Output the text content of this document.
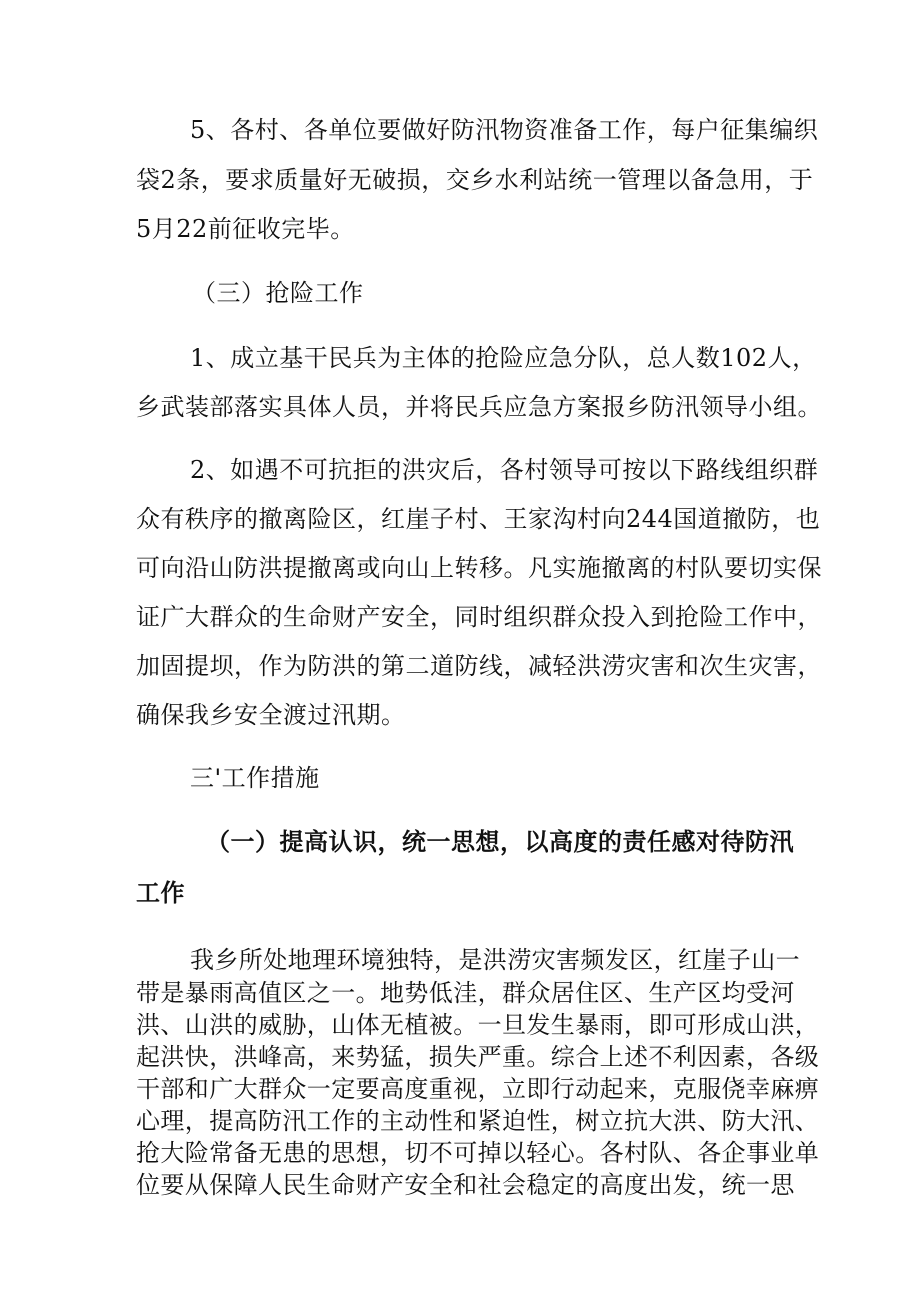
5、各村、各单位要做好防汛物资准备工作，每户征集编织
袋2条，要求质量好无破损，交乡水利站统一管理以备急用，于
5月22前征收完毕。
（三）抢险工作
1、成立基干民兵为主体的抢险应急分队，总人数102人，
乡武装部落实具体人员，并将民兵应急方案报乡防汛领导小组。
2、如遇不可抗拒的洪灾后，各村领导可按以下路线组织群
众有秩序的撤离险区，红崖子村、王家沟村向244国道撤防，也
可向沿山防洪提撤离或向山上转移。凡实施撤离的村队要切实保
证广大群众的生命财产安全，同时组织群众投入到抢险工作中，
加固提坝，作为防洪的第二道防线，减轻洪涝灾害和次生灾害，
确保我乡安全渡过汛期。
三'工作措施
（一）提高认识，统一思想，以高度的责任感对待防汛
工作
我乡所处地理环境独特，是洪涝灾害频发区，红崖子山一
带是暴雨高值区之一。地势低洼，群众居住区、生产区均受河
洪、山洪的威胁，山体无植被。一旦发生暴雨，即可形成山洪，
起洪快，洪峰高，来势猛，损失严重。综合上述不利因素，各级
干部和广大群众一定要高度重视，立即行动起来，克服侥幸麻痹
心理，提高防汛工作的主动性和紧迫性，树立抗大洪、防大汛、
抢大险常备无患的思想，切不可掉以轻心。各村队、各企事业单
位要从保障人民生命财产安全和社会稳定的高度出发，统一思
